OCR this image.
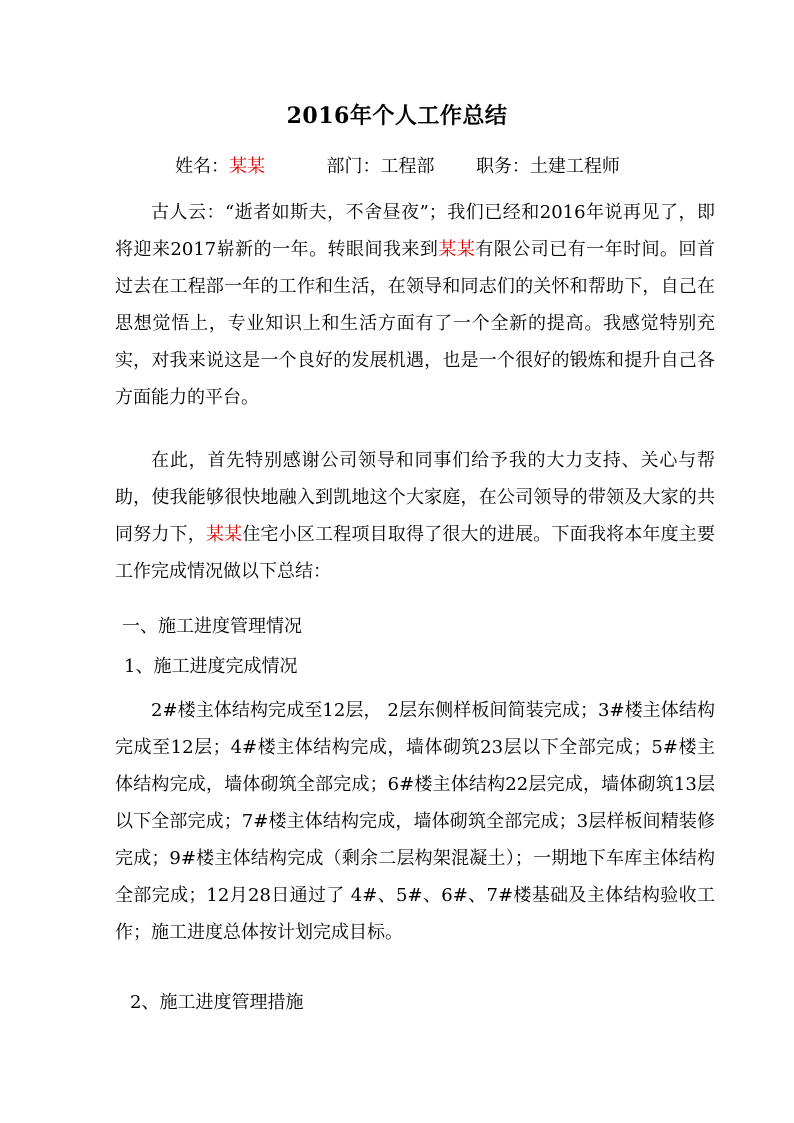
2016年个人工作总结
姓名：某某	部门：工程部 职务：土建工程师
古人云：“逝者如斯夫，不舍昼夜”；我们已经和2016年说再见了，即将迎来2017崭新的一年。转眼间我来到某某有限公司已有一年时间。回首过去在工程部一年的工作和生活，在领导和同志们的关怀和帮助下，自己在思想觉悟上，专业知识上和生活方面有了一个全新的提高。我感觉特别充实，对我来说这是一个良好的发展机遇，也是一个很好的锻炼和提升自己各方面能力的平台。
在此，首先特别感谢公司领导和同事们给予我的大力支持、关心与帮助，使我能够很快地融入到凯地这个大家庭，在公司领导的带领及大家的共同努力下，某某住宅小区工程项目取得了很大的进展。下面我将本年度主要工作完成情况做以下总结：
一、施工进度管理情况
1、施工进度完成情况
2#楼主体结构完成至12层， 2层东侧样板间简装完成；3#楼主体结构完成至12层；4#楼主体结构完成，墙体砌筑23层以下全部完成；5#楼主体结构完成，墙体砌筑全部完成；6#楼主体结构22层完成，墙体砌筑13层以下全部完成；7#楼主体结构完成，墙体砌筑全部完成；3层样板间精装修完成；9#楼主体结构完成（剩余二层构架混凝土）；一期地下车库主体结构全部完成；12月28日通过了 4#、5#、6#、7#楼基础及主体结构验收工作；施工进度总体按计划完成目标。
2、施工进度管理措施
